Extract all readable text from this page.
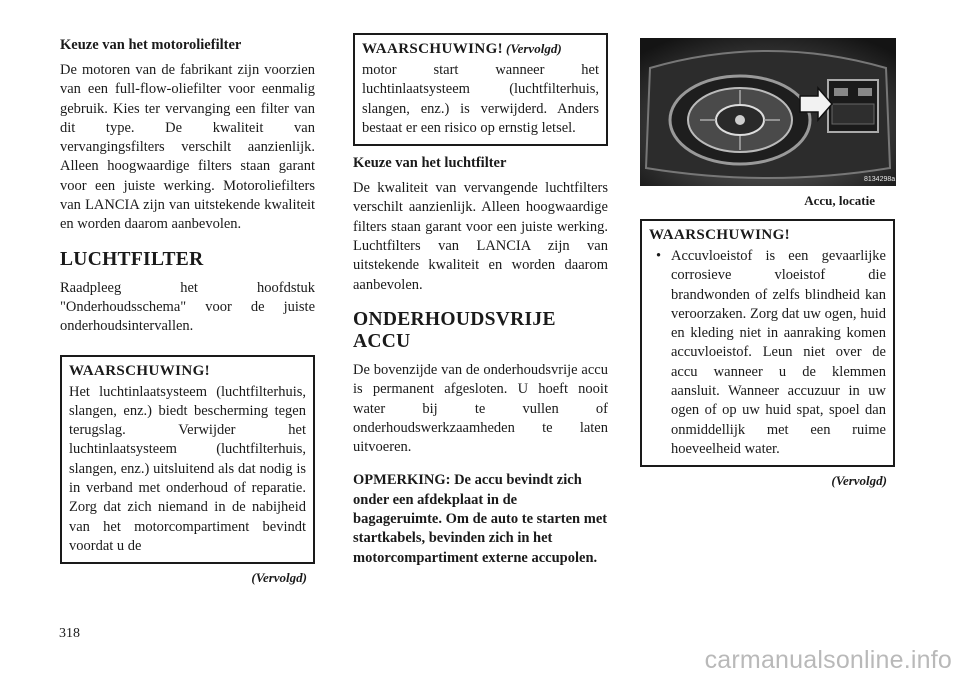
Keuze van het motoroliefilter

De motoren van de fabrikant zijn voorzien van een full-flow-oliefilter voor eenmalig gebruik. Kies ter vervanging een filter van dit type. De kwaliteit van vervangingsfilters verschilt aanzienlijk. Alleen hoogwaardige filters staan garant voor een juiste werking. Motoroliefilters van LANCIA zijn van uitstekende kwaliteit en worden daarom aanbevolen.

LUCHTFILTER

Raadpleeg het hoofdstuk "Onderhoudsschema" voor de juiste onderhoudsintervallen.

WAARSCHUWING!

Het luchtinlaatsysteem (luchtfilterhuis, slangen, enz.) biedt bescherming tegen terugslag. Verwijder het luchtinlaatsysteem (luchtfilterhuis, slangen, enz.) uitsluitend als dat nodig is in verband met onderhoud of reparatie. Zorg dat zich niemand in de nabijheid van het motorcompartiment bevindt voordat u de

(Vervolgd)
WAARSCHUWING! (Vervolgd)

motor start wanneer het luchtinlaatsysteem (luchtfilterhuis, slangen, enz.) is verwijderd. Anders bestaat er een risico op ernstig letsel.

Keuze van het luchtfilter

De kwaliteit van vervangende luchtfilters verschilt aanzienlijk. Alleen hoogwaardige filters staan garant voor een juiste werking. Luchtfilters van LANCIA zijn van uitstekende kwaliteit en worden daarom aanbevolen.

ONDERHOUDSVRIJE ACCU

De bovenzijde van de onderhoudsvrije accu is permanent afgesloten. U hoeft nooit water bij te vullen of onderhoudswerkzaamheden te laten uitvoeren.

OPMERKING: De accu bevindt zich onder een afdekplaat in de bagageruimte. Om de auto te starten met startkabels, bevinden zich in het motorcompartiment externe accupolen.

8134298a
Accu, locatie
WAARSCHUWING!
• Accuvloeistof is een gevaarlijke corrosieve vloeistof die brandwonden of zelfs blindheid kan veroorzaken. Zorg dat uw ogen, huid en kleding niet in aanraking komen accuvloeistof. Leun niet over de accu wanneer u de klemmen aansluit. Wanneer accuzuur in uw ogen of op uw huid spat, spoel dan onmiddellijk met een ruime hoeveelheid water.
(Vervolgd)
318
carmanualsonline.info
